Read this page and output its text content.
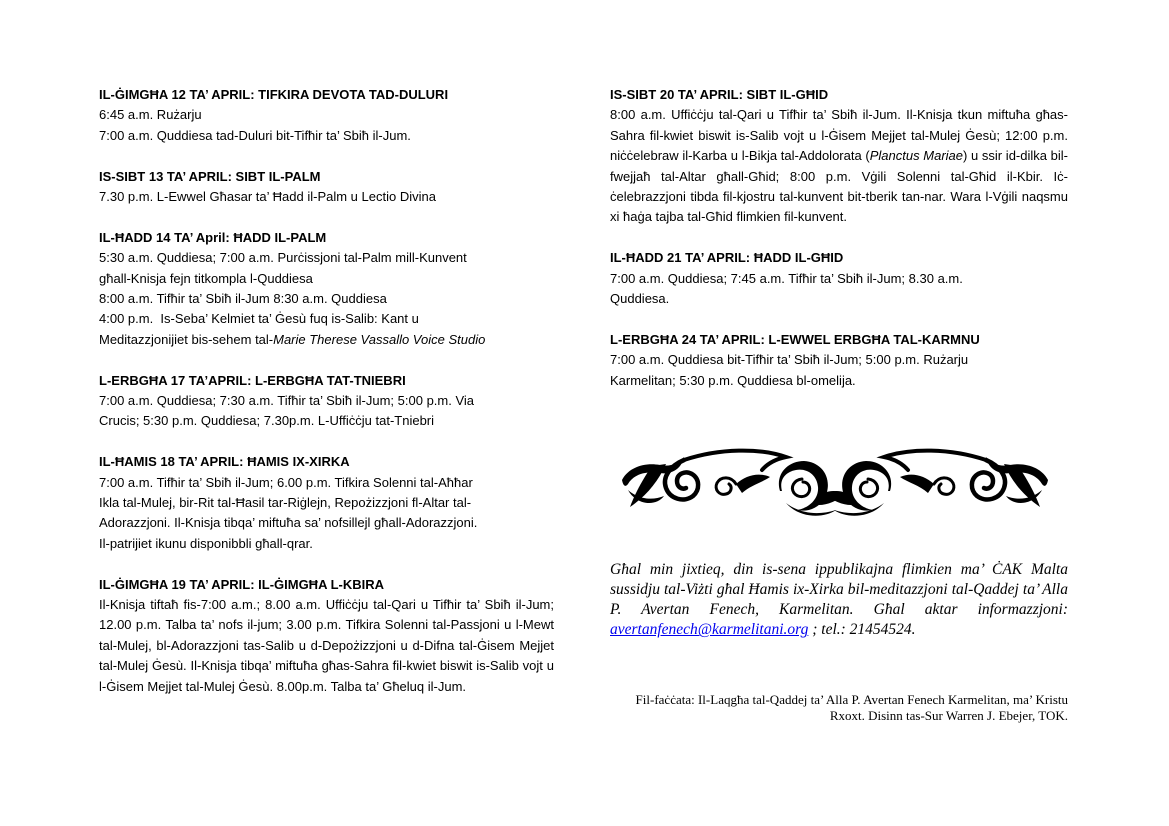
IL-ĠIMGĦA 12 TA’ APRIL: TIFKIRA DEVOTA TAD-DULURI
6:45 a.m. Rużarju
7:00 a.m. Quddiesa tad-Duluri bit-Tifħir ta’ Sbiħ il-Jum.
IS-SIBT 13 TA’ APRIL: SIBT IL-PALM
7.30 p.m. L-Ewwel Għasar ta’ Ħadd il-Palm u Lectio Divina
IL-ĦADD 14 TA’ April: ĦADD IL-PALM
5:30 a.m. Quddiesa; 7:00 a.m. Purċissjoni tal-Palm mill-Kunvent
għall-Knisja fejn titkompla l-Quddiesa
8:00 a.m. Tifħir ta’ Sbiħ il-Jum 8:30 a.m. Quddiesa
4:00 p.m.  Is-Seba’ Kelmiet ta’ Ġesù fuq is-Salib: Kant u
Meditazzjonijiet bis-sehem tal-Marie Therese Vassallo Voice Studio
L-ERBGĦA 17 TA’APRIL: L-ERBGĦA TAT-TNIEBRI
7:00 a.m. Quddiesa; 7:30 a.m. Tifħir ta’ Sbiħ il-Jum; 5:00 p.m. Via
Crucis; 5:30 p.m. Quddiesa; 7.30p.m. L-Uffiċċju tat-Tniebri
IL-ĦAMIS 18 TA’ APRIL: ĦAMIS IX-XIRKA
7:00 a.m. Tifħir ta’ Sbiħ il-Jum; 6.00 p.m. Tifkira Solenni tal-Aħħar
Ikla tal-Mulej, bir-Rit tal-Ħasil tar-Riġlejn, Repożizzjoni fl-Altar tal-
Adorazzjoni. Il-Knisja tibqa’ miftuħa sa’ nofsillejl għall-Adorazzjoni.
Il-patrijiet ikunu disponibbli għall-qrar.
IL-ĠIMGĦA 19 TA’ APRIL: IL-ĠIMGĦA L-KBIRA
Il-Knisja tiftaħ fis-7:00 a.m.; 8.00 a.m. Uffiċċju tal-Qari u Tifħir ta’ Sbiħ il-Jum; 12.00 p.m. Talba ta’ nofs il-jum; 3.00 p.m. Tifkira Solenni tal-Passjoni u l-Mewt tal-Mulej, bl-Adorazzjoni tas-Salib u d-Depożizzjoni u d-Difna tal-Ġisem Mejjet tal-Mulej Ġesù. Il-Knisja tibqa’ miftuħa għas-Sahra fil-kwiet biswit is-Salib vojt u l-Ġisem Mejjet tal-Mulej Ġesù. 8.00p.m. Talba ta’ Għeluq il-Jum.
IS-SIBT 20 TA’ APRIL: SIBT IL-GĦID
8:00 a.m. Uffiċċju tal-Qari u Tifħir ta’ Sbiħ il-Jum. Il-Knisja tkun miftuħa għas-Sahra fil-kwiet biswit is-Salib vojt u l-Ġisem Mejjet tal-Mulej Ġesù; 12:00 p.m. niċċelebraw il-Karba u l-Bikja tal-Addolorata (Planctus Mariae) u ssir id-dilka bil-fwejjaħ tal-Altar għall-Għid; 8:00 p.m. Vġili Solenni tal-Għid il-Kbir. Iċ-ċelebrazzjoni tibda fil-kjostru tal-kunvent bit-tberik tan-nar. Wara l-Vġili naqsmu xi ħaġa tajba tal-Għid flimkien fil-kunvent.
IL-ĦADD 21 TA’ APRIL: ĦADD IL-GĦID
7:00 a.m. Quddiesa; 7:45 a.m. Tifħir ta’ Sbiħ il-Jum; 8.30 a.m.
Quddiesa.
L-ERBGĦA 24 TA’ APRIL: L-EWWEL ERBGĦA TAL-KARMNU
7:00 a.m. Quddiesa bit-Tifħir ta’ Sbiħ il-Jum; 5:00 p.m. Rużarju
Karmelitan; 5:30 p.m. Quddiesa bl-omelija.

Għal min jixtieq, din is-sena ippublikajna flimkien ma’ ĊAK Malta sussidju tal-Viżti għal Ħamis ix-Xirka bil-meditazzjoni tal-Qaddej ta’ Alla P. Avertan Fenech, Karmelitan. Għal aktar informazzjoni: avertanfenech@karmelitani.org ; tel.: 21454524.

Fil-faċċata: Il-Laqgħa tal-Qaddej ta’ Alla P. Avertan Fenech Karmelitan, ma’ Kristu Rxoxt. Disinn tas-Sur Warren J. Ebejer, TOK.
